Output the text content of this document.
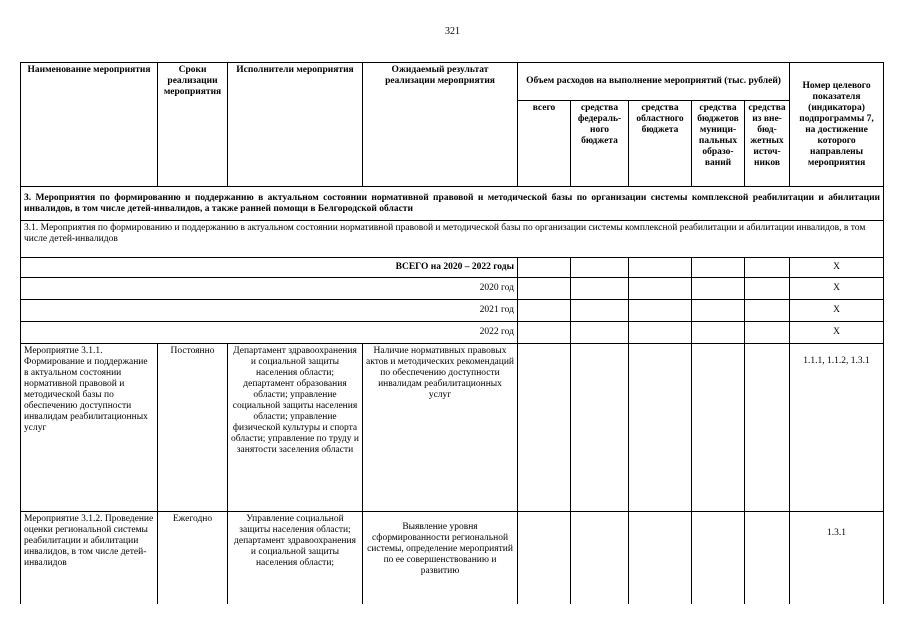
321
Наименование мероприятия	Сроки реализации мероприятия	Исполнители мероприятия	Ожидаемый результат реализации мероприятия	Объем расходов на выполнение мероприятий (тыс. рублей)					Номер целевого показателя (индикатора) подпрограммы 7, на достижение которого направлены мероприятия
				всего	средства федераль- ного бюджета	средства областного бюджета	средства бюджетов муници- пальных образо- ваний	средства из вне- бюд- жетных источ- ников	
3. Мероприятия по формированию и поддержанию в актуальном состоянии нормативной правовой и методической базы по организации системы комплексной реабилитации и абилитации инвалидов, в том числе детей-инвалидов, а также ранней помощи в Белгородской области									
3.1. Мероприятия по формированию и поддержанию в актуальном состоянии нормативной правовой и методической базы по организации системы комплексной реабилитации и абилитации инвалидов, в том числе детей-инвалидов									
ВСЕГО на 2020 – 2022 годы									Х
2020 год									Х
2021 год									Х
2022 год									Х
Мероприятие 3.1.1. Формирование и поддержание в актуальном состоянии нормативной правовой и методической базы по обеспечению доступности инвалидам реабилитационных услуг	Постоянно	Департамент здравоохранения и социальной защиты населения области; департамент образования области; управление социальной защиты населения области; управление физической культуры и спорта области; управление по труду и занятости заселения области	Наличие нормативных правовых актов и методических рекомендаций по обеспечению доступности инвалидам реабилитационных услуг						1.1.1, 1.1.2, 1.3.1
Мероприятие 3.1.2. Проведение оценки региональной системы реабилитации и абилитации инвалидов, в том числе детей-инвалидов	Ежегодно	Управление социальной защиты населения области; департамент здравоохранения и социальной защиты населения области;	Выявление уровня сформированности региональной системы, определение мероприятий по ее совершенствованию и развитию						1.3.1
